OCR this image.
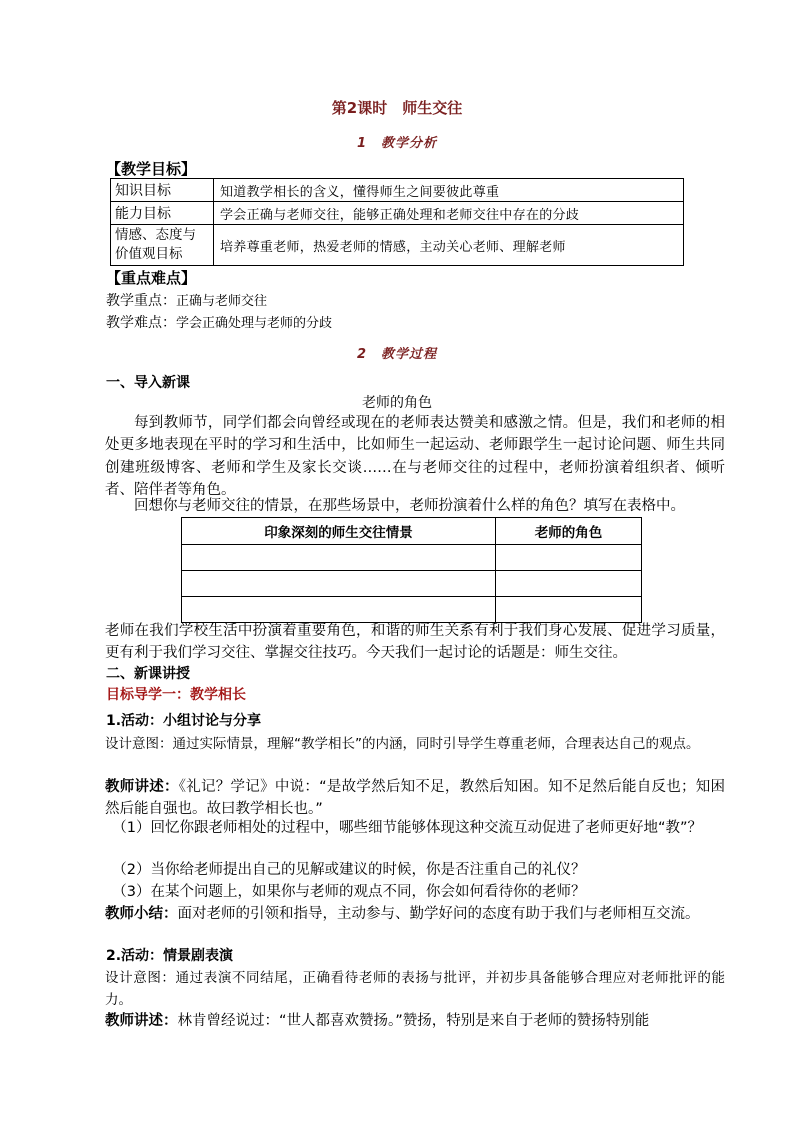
第2课时　师生交往
1　教学分析
【教学目标】
知识目标	知道教学相长的含义，懂得师生之间要彼此尊重
能力目标	学会正确与老师交往，能够正确处理和老师交往中存在的分歧
情感、态度与价值观目标	培养尊重老师，热爱老师的情感，主动关心老师、理解老师
【重点难点】
教学重点：正确与老师交往
教学难点：学会正确处理与老师的分歧
2　教学过程
一、导入新课
老师的角色
每到教师节，同学们都会向曾经或现在的老师表达赞美和感激之情。但是，我们和老师的相处更多地表现在平时的学习和生活中，比如师生一起运动、老师跟学生一起讨论问题、师生共同创建班级博客、老师和学生及家长交谈……在与老师交往的过程中，老师扮演着组织者、倾听者、陪伴者等角色。
回想你与老师交往的情景，在那些场景中，老师扮演着什么样的角色？填写在表格中。
印象深刻的师生交往情景	老师的角色

老师在我们学校生活中扮演着重要角色，和谐的师生关系有利于我们身心发展、促进学习质量，更有利于我们学习交往、掌握交往技巧。今天我们一起讨论的话题是：师生交往。
二、新课讲授
目标导学一：教学相长
1.活动：小组讨论与分享
设计意图：通过实际情景，理解“教学相长”的内涵，同时引导学生尊重老师，合理表达自己的观点。
教师讲述：《礼记？学记》中说：“是故学然后知不足，教然后知困。知不足然后能自反也；知困然后能自强也。故曰教学相长也。”
（1）回忆你跟老师相处的过程中，哪些细节能够体现这种交流互动促进了老师更好地“教”？
（2）当你给老师提出自己的见解或建议的时候，你是否注重自己的礼仪？
（3）在某个问题上，如果你与老师的观点不同，你会如何看待你的老师？
教师小结：面对老师的引领和指导，主动参与、勤学好问的态度有助于我们与老师相互交流。
2.活动：情景剧表演
设计意图：通过表演不同结尾，正确看待老师的表扬与批评，并初步具备能够合理应对老师批评的能力。
教师讲述：林肯曾经说过：“世人都喜欢赞扬。”赞扬，特别是来自于老师的赞扬特别能
